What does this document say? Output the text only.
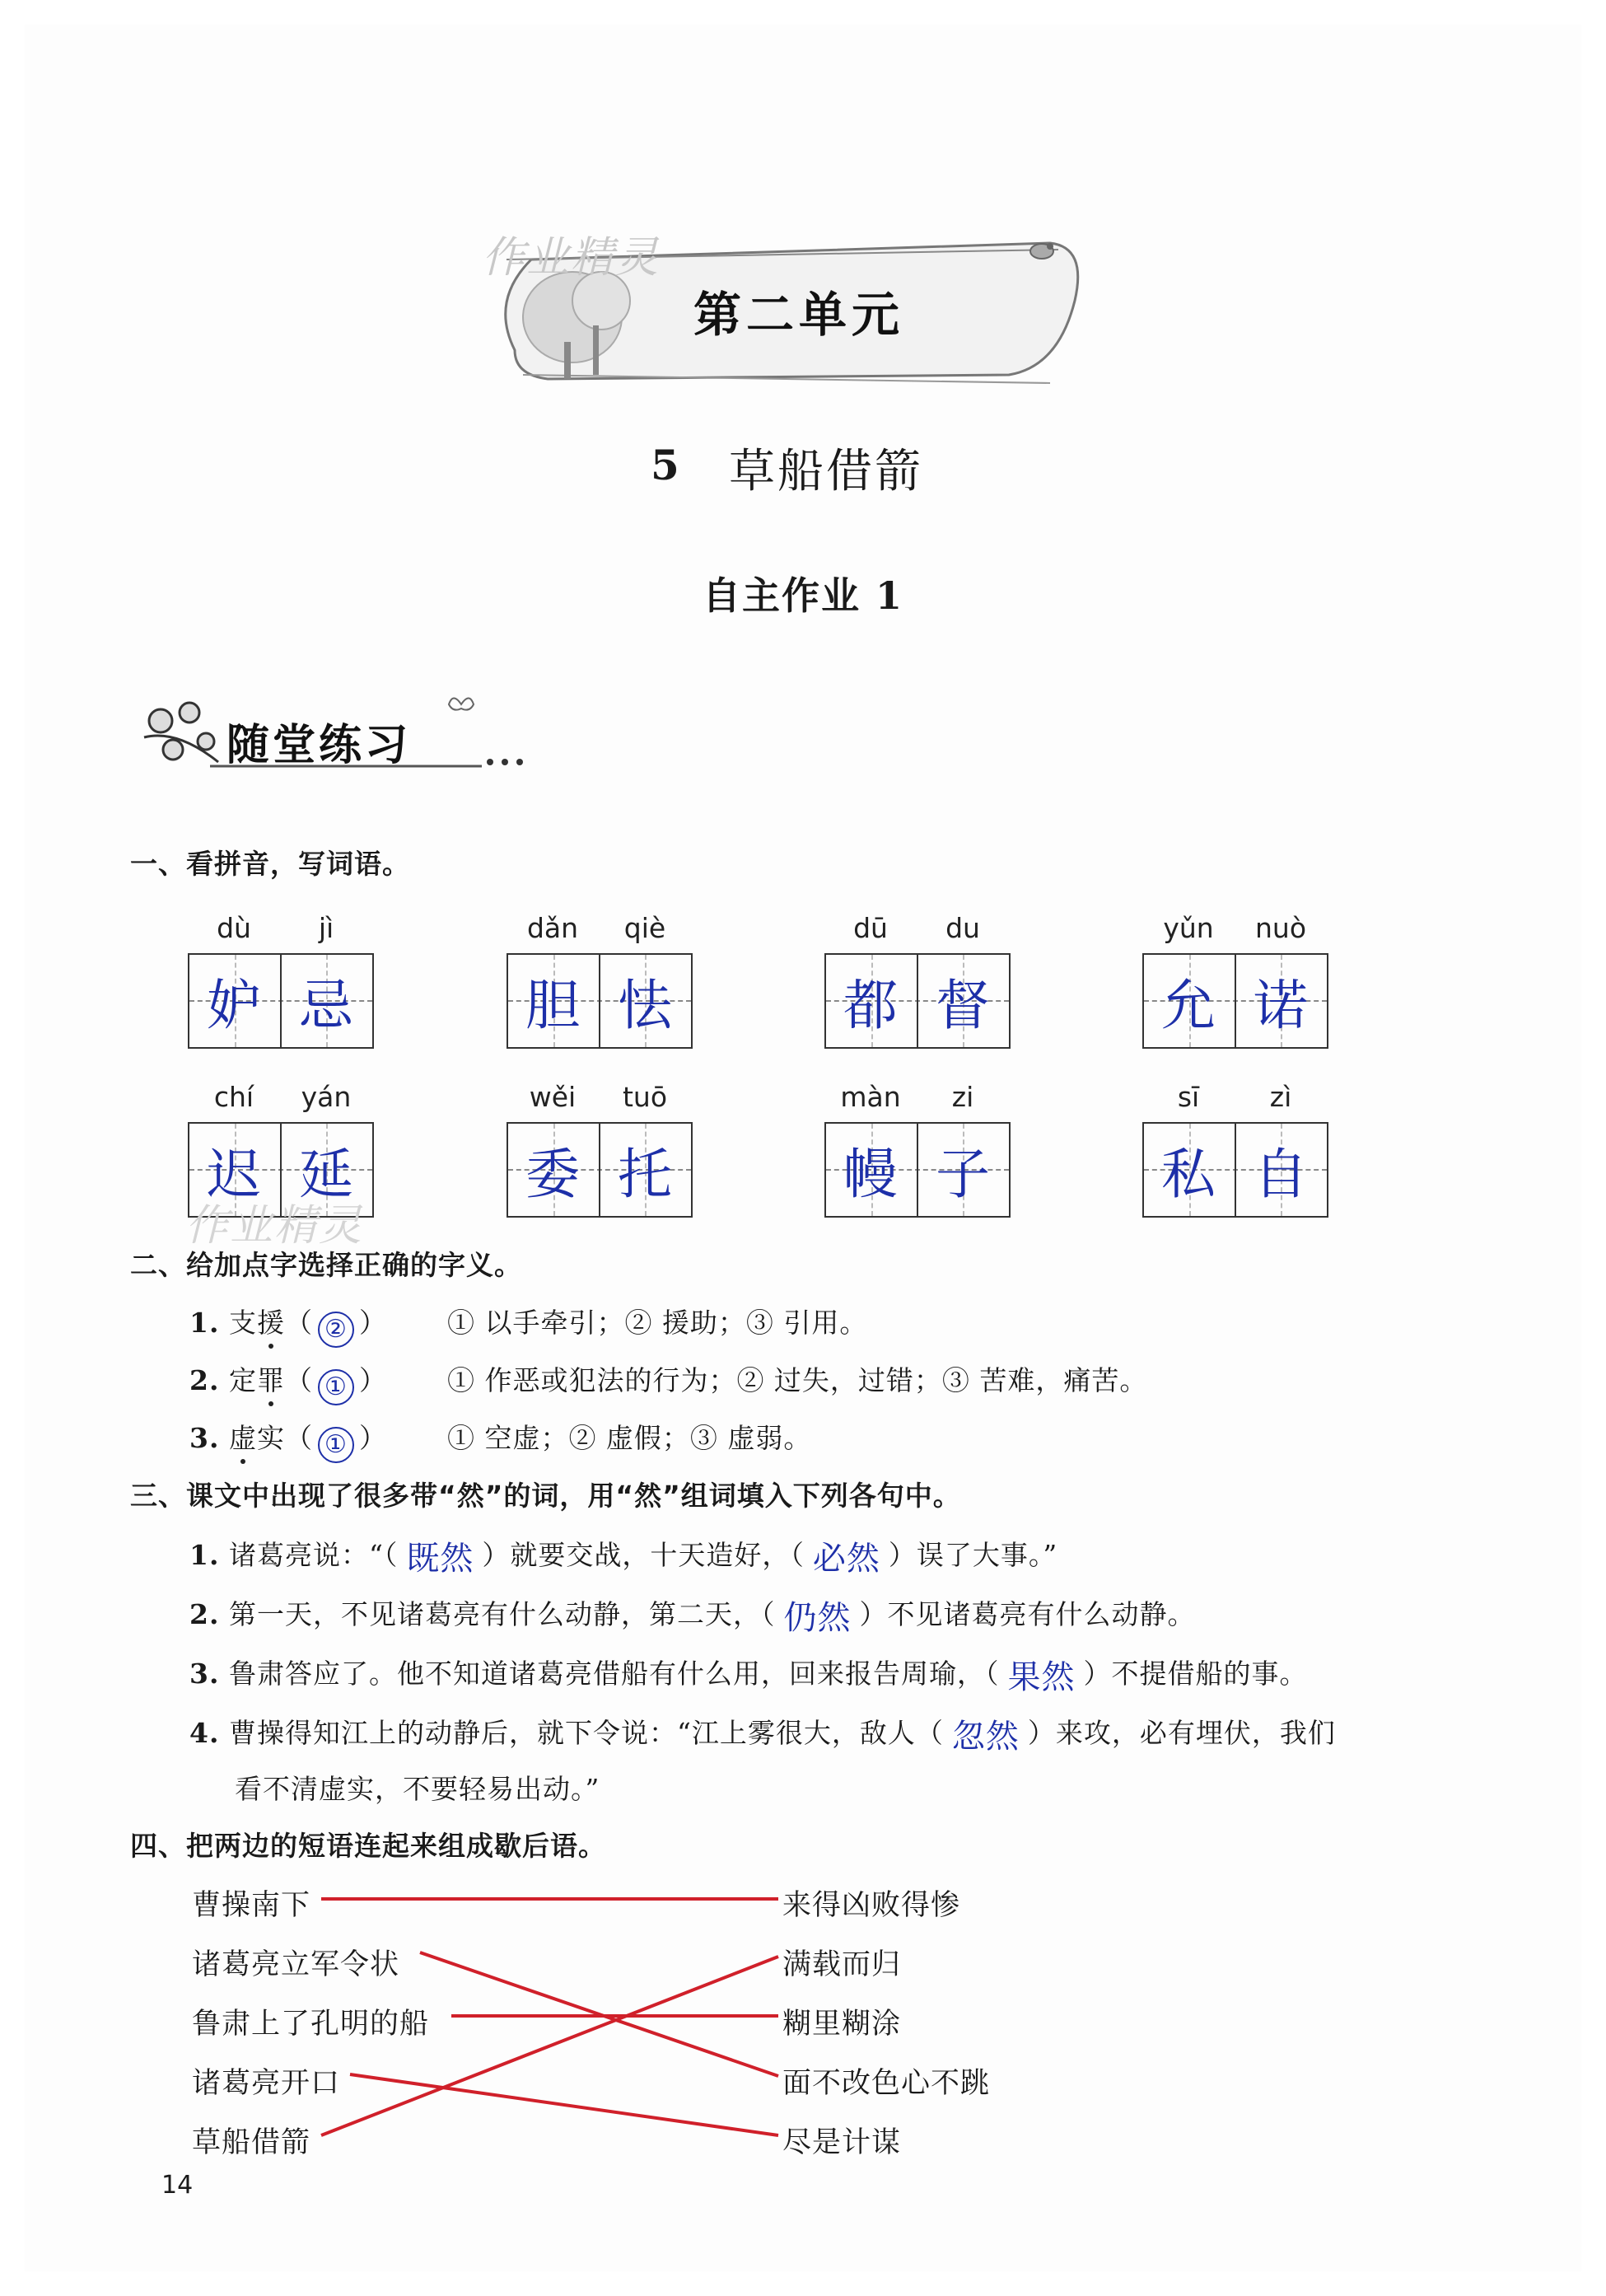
作业精灵
第二单元
5 草船借箭
自主作业 1
随堂练习
一、看拼音，写词语。
dù	jì
妒 忌
dǎn	qiè
胆 怯
dū	du
都 督
yǔn	nuò
允 诺
chí	yán
迟 延
wěi	tuō
委 托
màn	zi
幔 子
sī	zì
私 自
作业精灵
二、给加点字选择正确的字义。
1. 支援（ ② ）  ① 以手牵引；② 援助；③ 引用。
2. 定罪（ ① ）  ① 作恶或犯法的行为；② 过失，过错；③ 苦难，痛苦。
3. 虚实（ ① ）  ① 空虚；② 虚假；③ 虚弱。
三、课文中出现了很多带“然”的词，用“然”组词填入下列各句中。
1. 诸葛亮说：“（ 既然 ）就要交战，十天造好，（ 必然 ）误了大事。”
2. 第一天，不见诸葛亮有什么动静，第二天，（ 仍然 ）不见诸葛亮有什么动静。
3. 鲁肃答应了。他不知道诸葛亮借船有什么用，回来报告周瑜，（ 果然 ）不提借船的事。
4. 曹操得知江上的动静后，就下令说：“江上雾很大，敌人（ 忽然 ）来攻，必有埋伏，我们
看不清虚实，不要轻易出动。”
四、把两边的短语连起来组成歇后语。
曹操南下
诸葛亮立军令状
鲁肃上了孔明的船
诸葛亮开口
草船借箭
来得凶败得惨
满载而归
糊里糊涂
面不改色心不跳
尽是计谋
14
